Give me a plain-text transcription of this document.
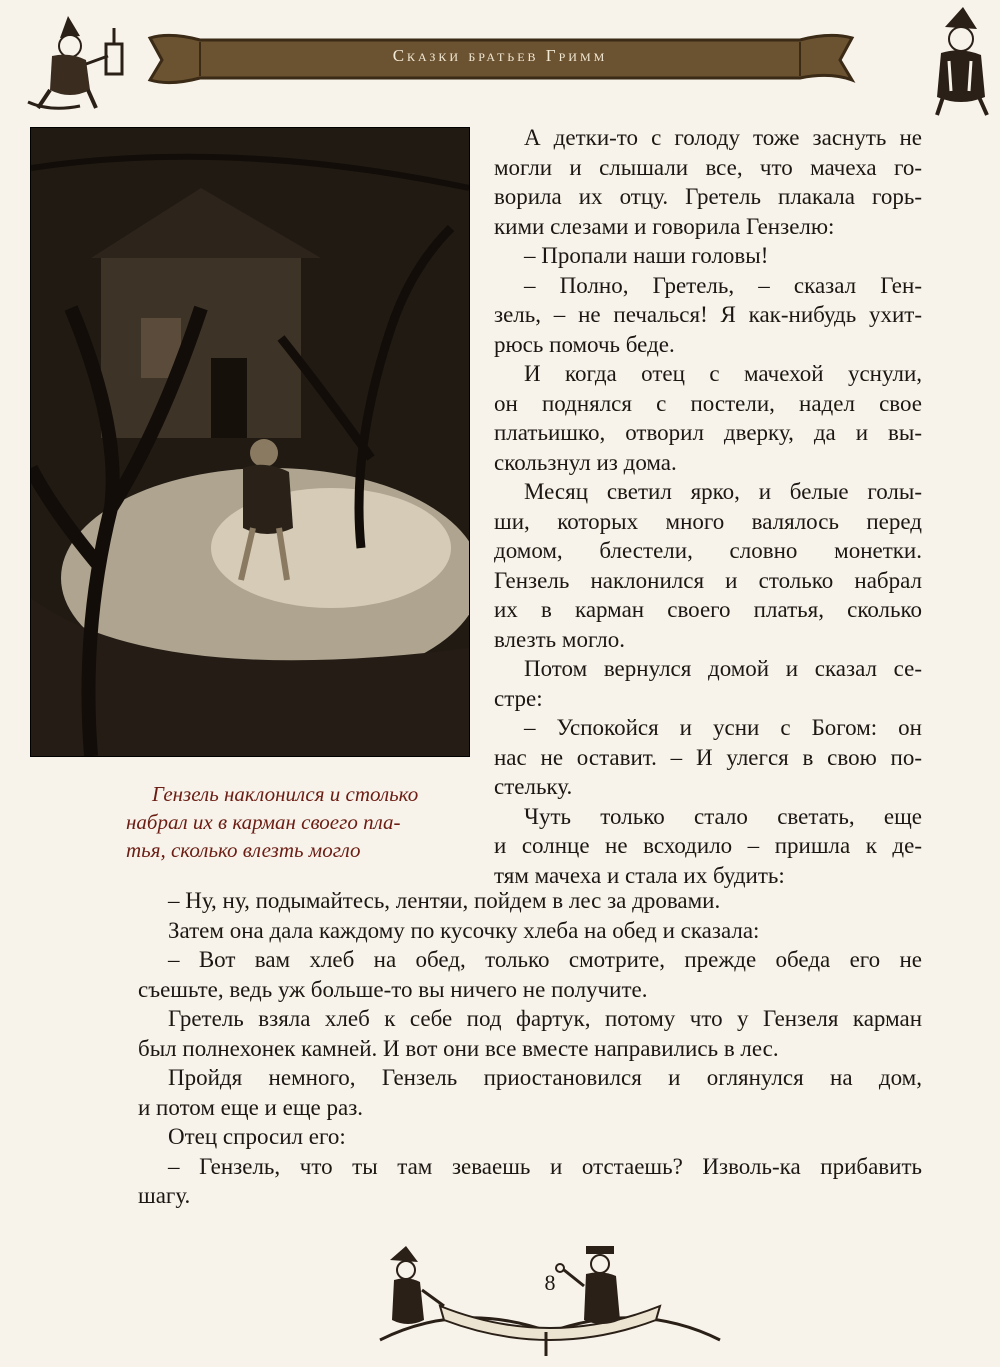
Сказки братьев Гримм
Гензель наклонился и столько
набрал их в карман своего пла-
тья, сколько влезть могло
А детки-то с голоду тоже заснуть не
могли и слышали все, что мачеха го-
ворила их отцу. Гретель плакала горь-
кими слезами и говорила Гензелю:
– Пропали наши головы!
– Полно, Гретель, – сказал Ген-
зель, – не печалься! Я как-нибудь ухит-
рюсь помочь беде.
И когда отец с мачехой уснули,
он поднялся с постели, надел свое
платьишко, отворил дверку, да и вы-
скользнул из дома.
Месяц светил ярко, и белые голы-
ши, которых много валялось перед
домом, блестели, словно монетки.
Гензель наклонился и столько набрал
их в карман своего платья, сколько
влезть могло.
Потом вернулся домой и сказал се-
стре:
– Успокойся и усни с Богом: он
нас не оставит. – И улегся в свою по-
стельку.
Чуть только стало светать, еще
и солнце не всходило – пришла к де-
тям мачеха и стала их будить:
– Ну, ну, подымайтесь, лентяи, пойдем в лес за дровами.
Затем она дала каждому по кусочку хлеба на обед и сказала:
– Вот вам хлеб на обед, только смотрите, прежде обеда его не
съешьте, ведь уж больше-то вы ничего не получите.
Гретель взяла хлеб к себе под фартук, потому что у Гензеля карман
был полнехонек камней. И вот они все вместе направились в лес.
Пройдя немного, Гензель приостановился и оглянулся на дом,
и потом еще и еще раз.
Отец спросил его:
– Гензель, что ты там зеваешь и отстаешь? Изволь-ка прибавить
шагу.
8
